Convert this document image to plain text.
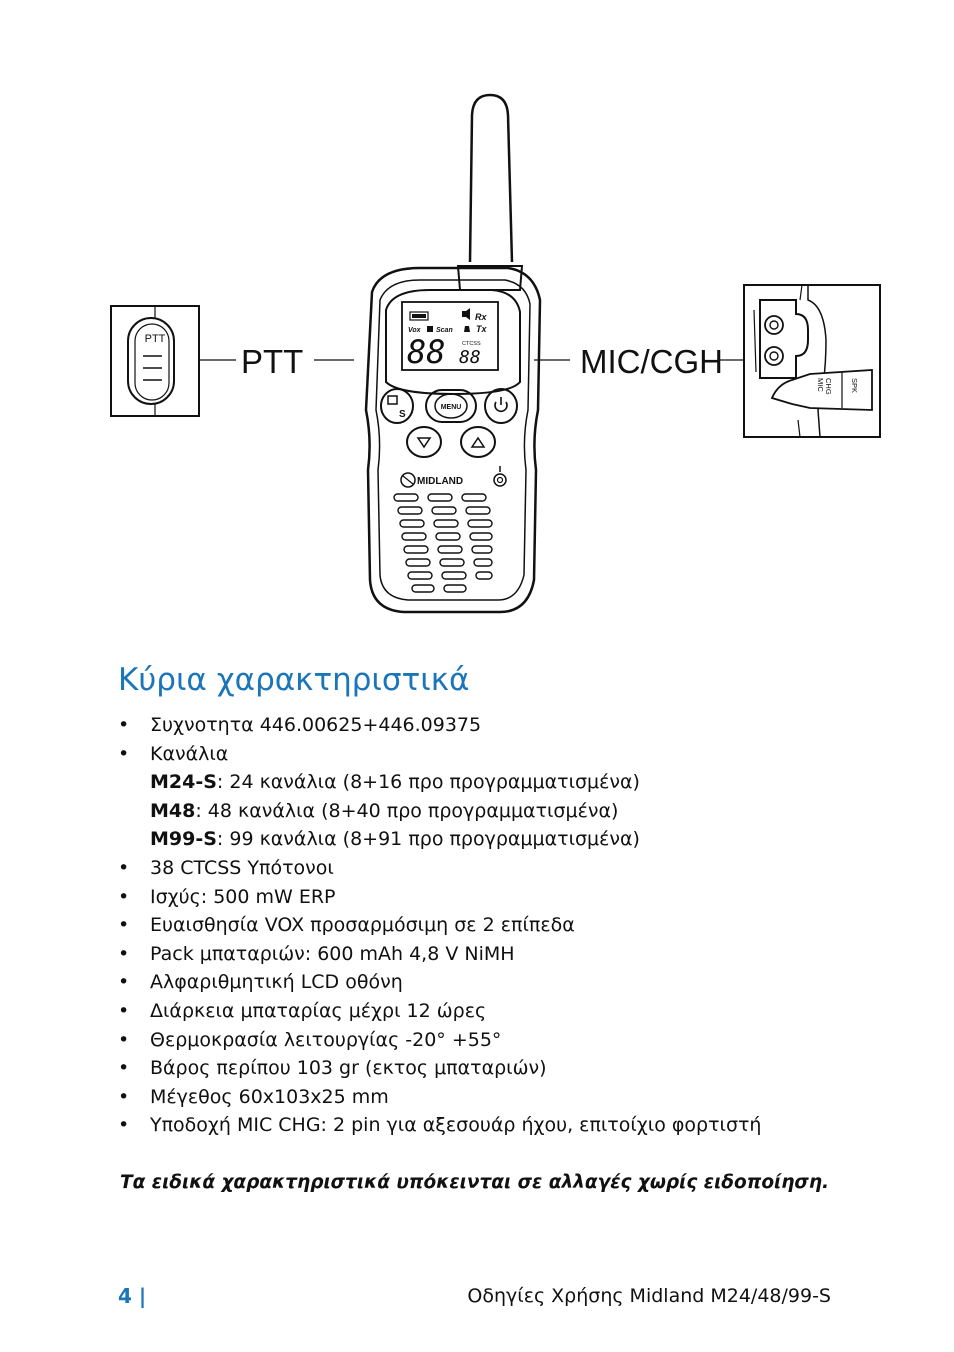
PTT
Rx
Vox Scan	Tx
88	CTCSS
88
S
MENU
MIDLAND
MIC CHG SPK
PTT	MIC/CGH
Κύρια χαρακτηριστικά
• Συχνοτητα 446.00625+446.09375
• Κανάλια
M24-S: 24 κανάλια (8+16 προ προγραμματισμένα)
M48: 48 κανάλια (8+40 προ προγραμματισμένα)
M99-S: 99 κανάλια (8+91 προ προγραμματισμένα)
• 38 CTCSS Υπότονοι
• Ισχύς: 500 mW ERP
• Ευαισθησία VOX προσαρμόσιμη σε 2 επίπεδα
• Pack μπαταριών: 600 mAh 4,8 V NiMH
• Αλφαριθμητική LCD οθόνη
• Διάρκεια μπαταρίας μέχρι 12 ώρες
• Θερμοκρασία λειτουργίας -20° +55°
• Βάρος περίπου 103 gr (εκτος μπαταριών)
• Μέγεθος 60x103x25 mm
• Υποδοχή MIC CHG: 2 pin για αξεσουάρ ήχου, επιτοίχιο φορτιστή

Τα ειδικά χαρακτηριστικά υπόκεινται σε αλλαγές χωρίς ειδοποίηση.

4 |	Οδηγίες Χρήσης Midland M24/48/99-S
